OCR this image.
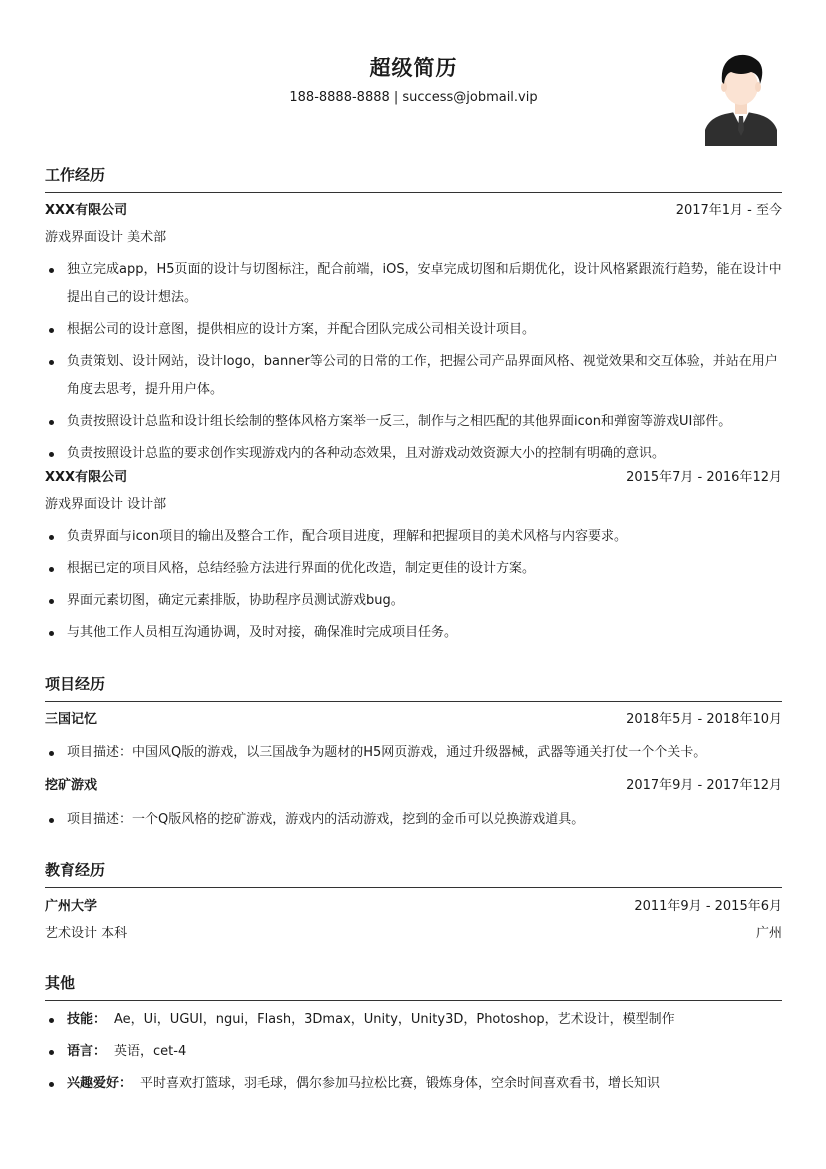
超级简历
188-8888-8888 | success@jobmail.vip
工作经历
XXX有限公司	2017年1月 - 至今
游戏界面设计 美术部
独立完成app，H5页面的设计与切图标注，配合前端，iOS，安卓完成切图和后期优化，设计风格紧跟流行趋势，能在设计中提出自己的设计想法。
根据公司的设计意图，提供相应的设计方案，并配合团队完成公司相关设计项目。
负责策划、设计网站，设计logo，banner等公司的日常的工作，把握公司产品界面风格、视觉效果和交互体验，并站在用户角度去思考，提升用户体。
负责按照设计总监和设计组长绘制的整体风格方案举一反三，制作与之相匹配的其他界面icon和弹窗等游戏UI部件。
负责按照设计总监的要求创作实现游戏内的各种动态效果，且对游戏动效资源大小的控制有明确的意识。
XXX有限公司	2015年7月 - 2016年12月
游戏界面设计 设计部
负责界面与icon项目的输出及整合工作，配合项目进度，理解和把握项目的美术风格与内容要求。
根据已定的项目风格，总结经验方法进行界面的优化改造，制定更佳的设计方案。
界面元素切图，确定元素排版，协助程序员测试游戏bug。
与其他工作人员相互沟通协调，及时对接，确保准时完成项目任务。
项目经历
三国记忆	2018年5月 - 2018年10月
项目描述：中国风Q版的游戏，以三国战争为题材的H5网页游戏，通过升级器械，武器等通关打仗一个个关卡。
挖矿游戏	2017年9月 - 2017年12月
项目描述：一个Q版风格的挖矿游戏，游戏内的活动游戏，挖到的金币可以兑换游戏道具。
教育经历
广州大学	2011年9月 - 2015年6月
艺术设计 本科	广州
其他
技能： Ae，Ui，UGUI，ngui，Flash，3Dmax，Unity，Unity3D，Photoshop，艺术设计，模型制作
语言： 英语，cet-4
兴趣爱好： 平时喜欢打篮球，羽毛球，偶尔参加马拉松比赛，锻炼身体，空余时间喜欢看书，增长知识
